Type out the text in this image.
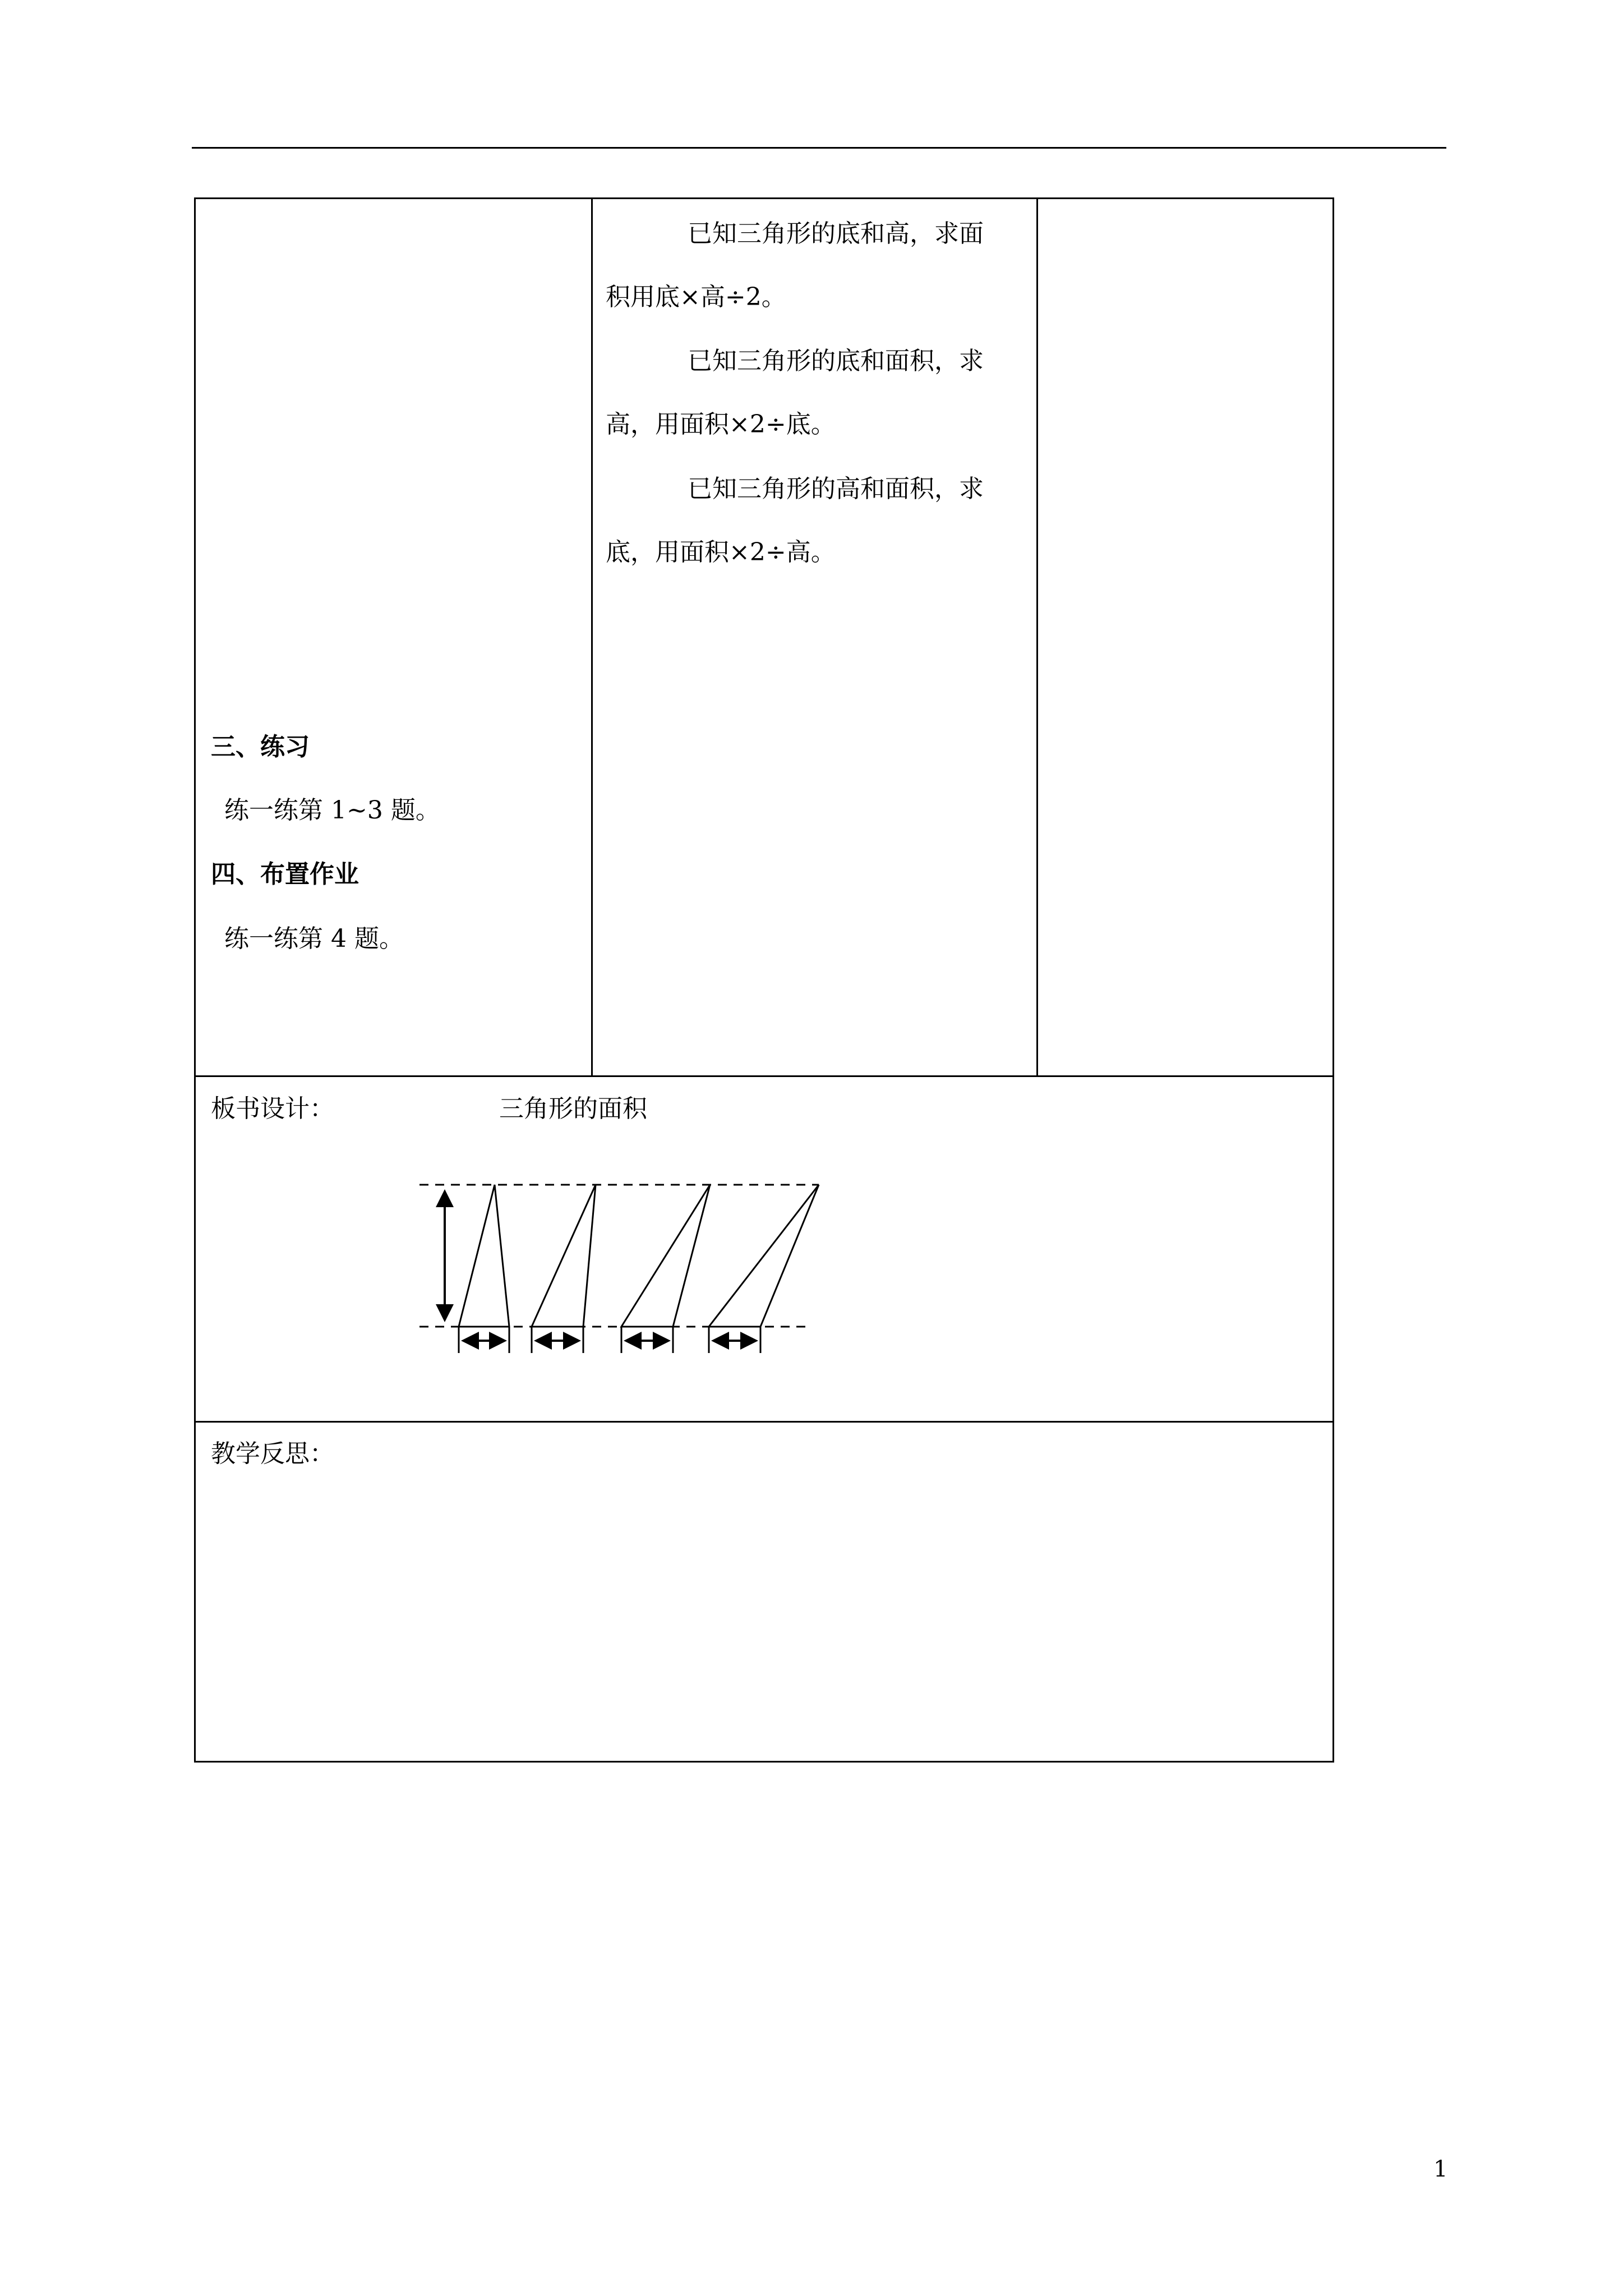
已知三角形的底和高，求面
积用底×高÷2。
已知三角形的底和面积，求
高，用面积×2÷底。
已知三角形的高和面积，求
底，用面积×2÷高。
三、练习
练一练第 1~3 题。
四、布置作业
练一练第 4 题。
板书设计：	三角形的面积
教学反思：
1
